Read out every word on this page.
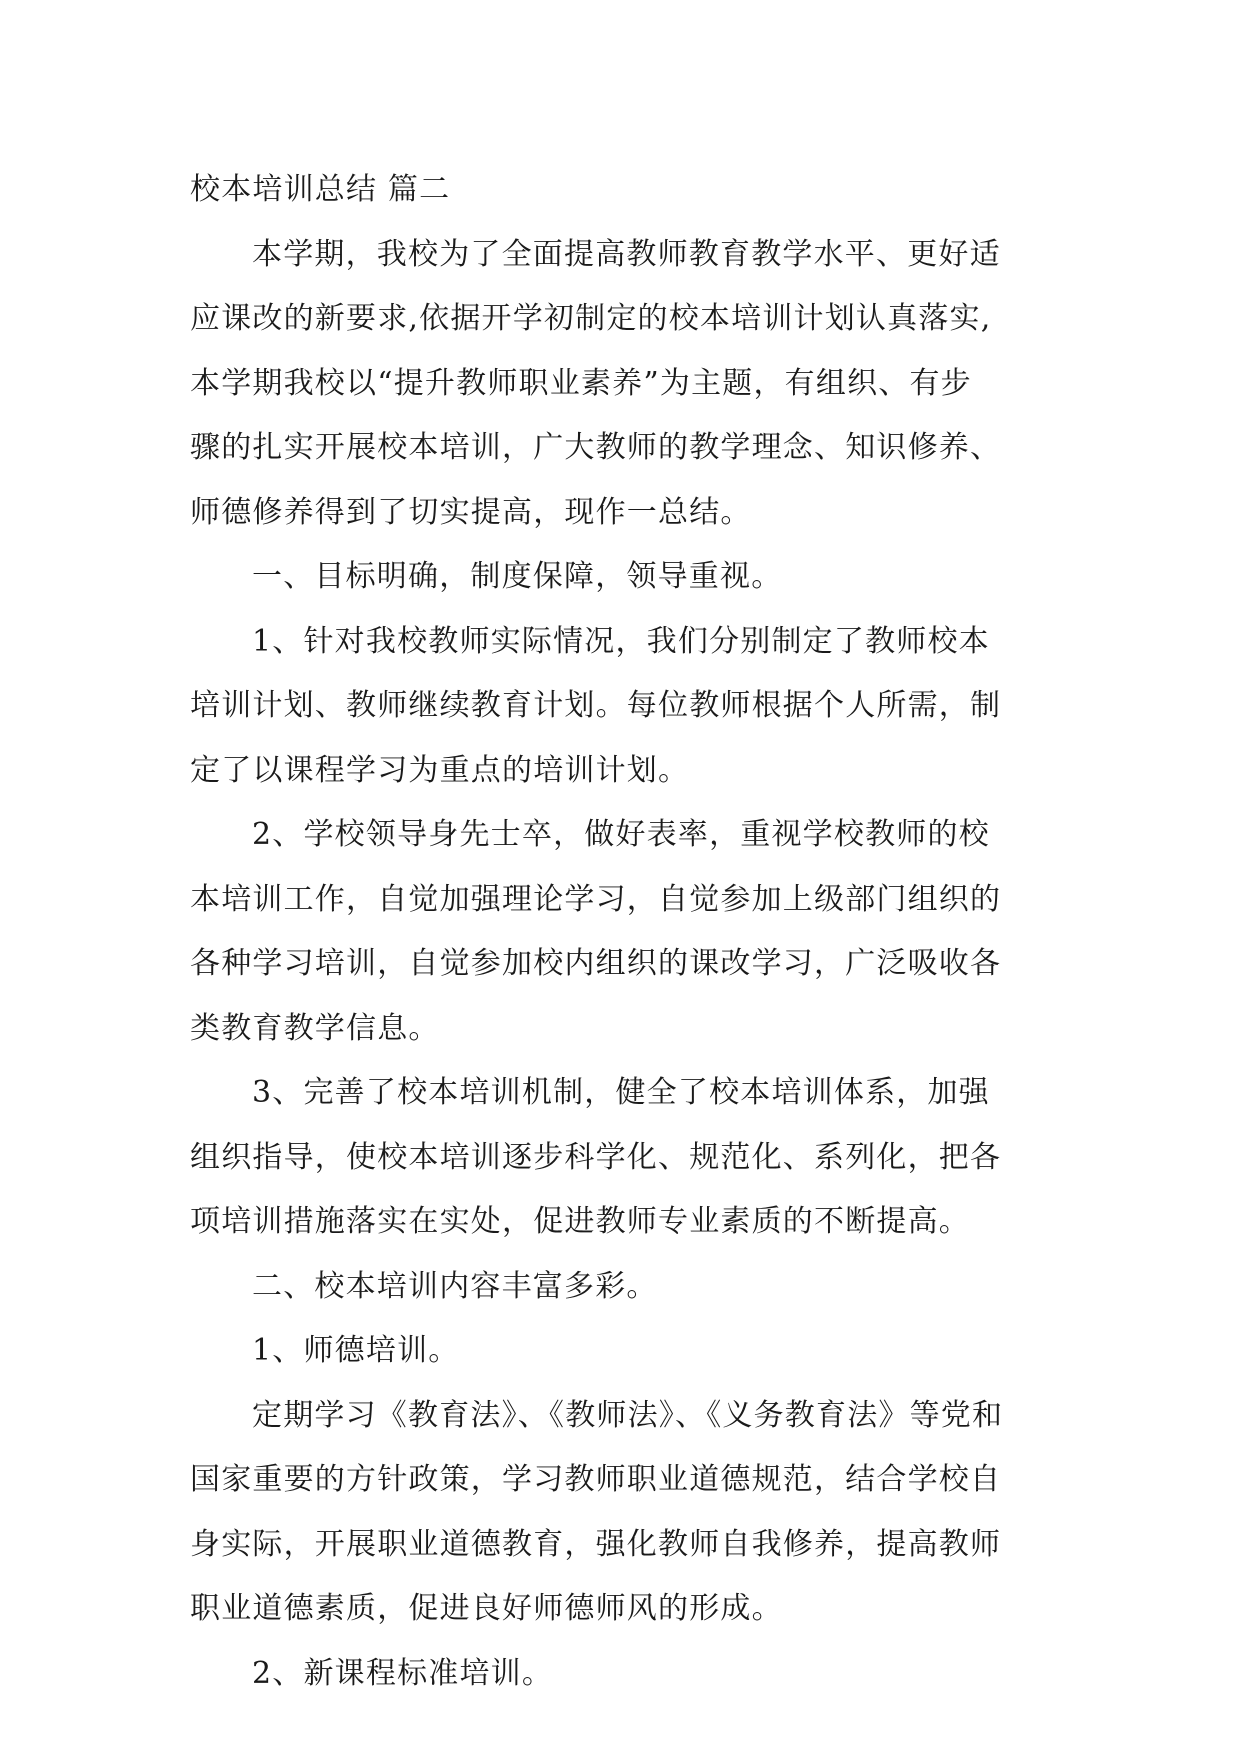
校本培训总结 篇二
本学期，我校为了全面提高教师教育教学水平、更好适
应课改的新要求,依据开学初制定的校本培训计划认真落实,
本学期我校以“提升教师职业素养”为主题，有组织、有步
骤的扎实开展校本培训，广大教师的教学理念、知识修养、
师德修养得到了切实提高，现作一总结。
一、目标明确，制度保障，领导重视。
1、针对我校教师实际情况，我们分别制定了教师校本
培训计划、教师继续教育计划。每位教师根据个人所需，制
定了以课程学习为重点的培训计划。
2、学校领导身先士卒，做好表率，重视学校教师的校
本培训工作，自觉加强理论学习，自觉参加上级部门组织的
各种学习培训，自觉参加校内组织的课改学习，广泛吸收各
类教育教学信息。
3、完善了校本培训机制，健全了校本培训体系，加强
组织指导，使校本培训逐步科学化、规范化、系列化，把各
项培训措施落实在实处，促进教师专业素质的不断提高。
二、校本培训内容丰富多彩。
1、师德培训。
定期学习《教育法》、《教师法》、《义务教育法》等党和
国家重要的方针政策，学习教师职业道德规范，结合学校自
身实际，开展职业道德教育，强化教师自我修养，提高教师
职业道德素质，促进良好师德师风的形成。
2、新课程标准培训。
